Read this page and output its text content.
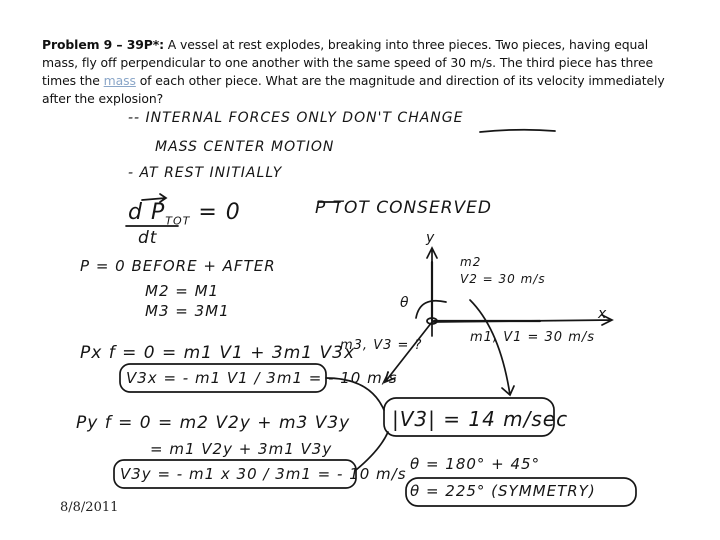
Problem 9 – 39P*: A vessel at rest explodes, breaking into three pieces. Two pieces, having equal mass, fly off perpendicular to one another with the same speed of 30 m/s. The third piece has three times the mass of each other piece. What are the magnitude and direction of its velocity immediately after the explosion?
-- INTERNAL FORCES ONLY DON'T CHANGE
MASS CENTER MOTION
- AT REST INITIALLY
d $P_{TOT} = 0$
dt
P TOT CONSERVED
P = 0 BEFORE + AFTER
M2 = M1
M3 = 3M1
Px f = 0 = m1 V1 + 3m1 V3x
V3x = - m1 V1 / 3m1 = - 10 m/s
Py f = 0 = m2 V2y + m3 V3y
= m1 V2y + 3m1 V3y
V3y = - m1 x 30 / 3m1 = - 10 m/s
y
x
m2
V2 = 30 m/s
θ
m3, V3 = ?
m1, V1 = 30 m/s
|V3| = 14 m/sec
θ = 180° + 45°
θ = 225° (SYMMETRY)
8/8/2011
